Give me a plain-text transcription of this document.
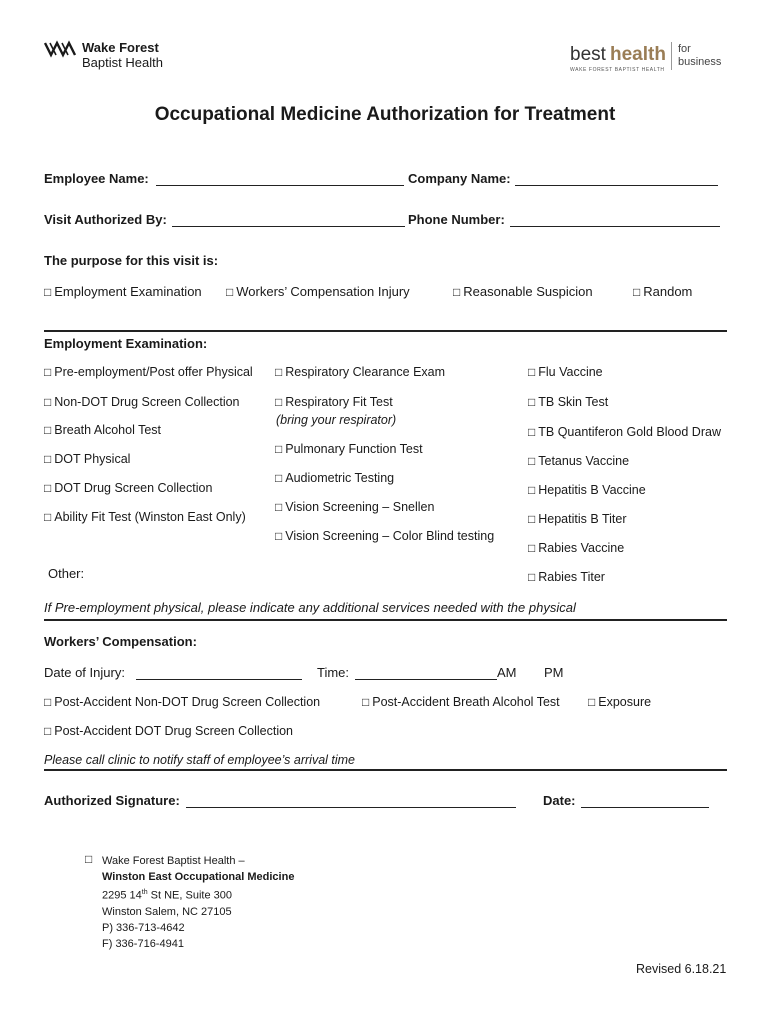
Wake Forest
Baptist Health	best health
WAKE FOREST BAPTIST HEALTH
for
business
Occupational Medicine Authorization for Treatment
Employee Name:	Company Name:
Visit Authorized By:	Phone Number:
The purpose for this visit is:
□ Employment Examination	□ Workers’ Compensation Injury	□ Reasonable Suspicion	□ Random
Employment Examination:
□ Pre-employment/Post offer Physical
□ Non-DOT Drug Screen Collection
□ Breath Alcohol Test
□ DOT Physical
□ DOT Drug Screen Collection
□ Ability Fit Test (Winston East Only)
□ Respiratory Clearance Exam
□ Respiratory Fit Test
(bring your respirator)
□ Pulmonary Function Test
□ Audiometric Testing
□ Vision Screening – Snellen
□ Vision Screening – Color Blind testing
□ Flu Vaccine
□ TB Skin Test
□ TB Quantiferon Gold Blood Draw
□ Tetanus Vaccine
□ Hepatitis B Vaccine
□ Hepatitis B Titer
□ Rabies Vaccine
□ Rabies Titer
Other:
If Pre-employment physical, please indicate any additional services needed with the physical
Workers’ Compensation:
Date of Injury:	Time:	AM PM
□ Post-Accident Non-DOT Drug Screen Collection	□ Post-Accident Breath Alcohol Test	□ Exposure
□ Post-Accident DOT Drug Screen Collection
Please call clinic to notify staff of employee’s arrival time
Authorized Signature:	Date:
□ Wake Forest Baptist Health –
Winston East Occupational Medicine
2295 14th St NE, Suite 300
Winston Salem, NC 27105
P) 336-713-4642
F) 336-716-4941
Revised 6.18.21
